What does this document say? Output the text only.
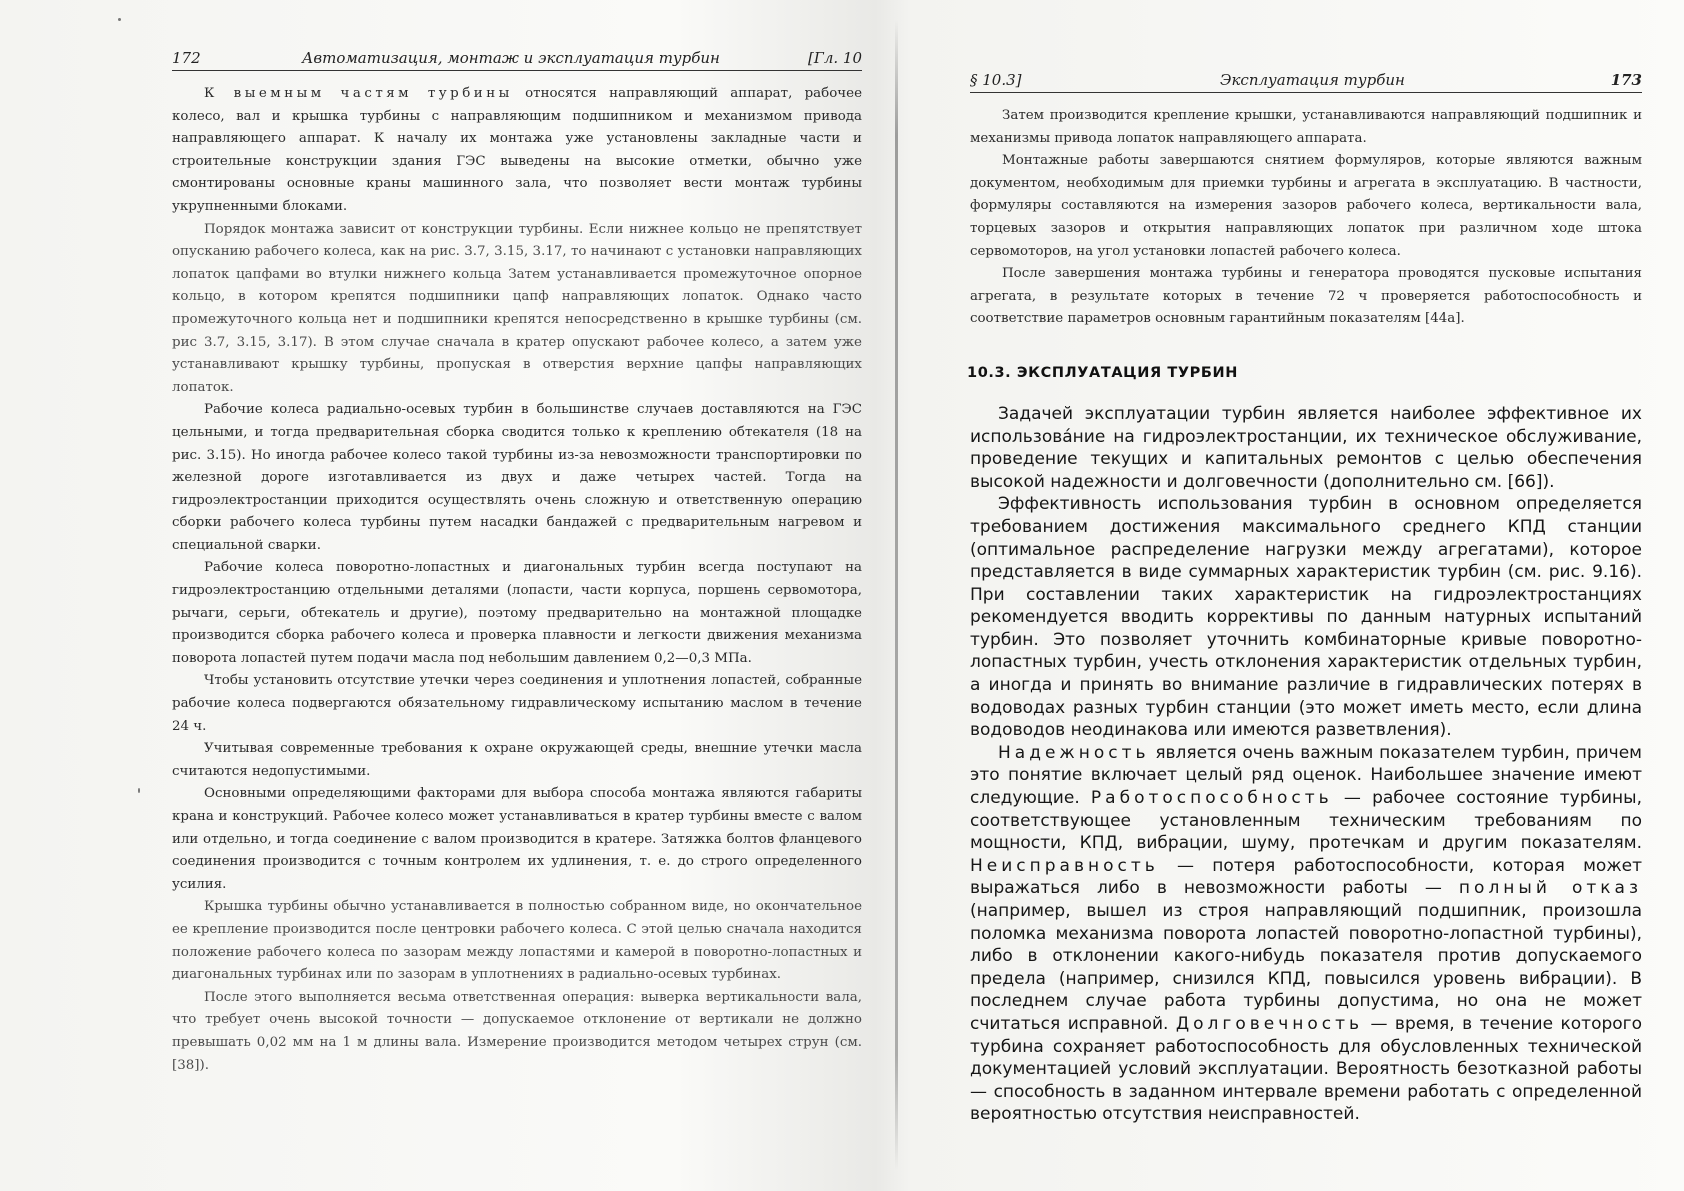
172	Автоматизация, монтаж и эксплуатация турбин	[Гл. 10

К выемным частям турбины относятся направляющий аппарат, рабочее колесо, вал и крышка турбины с направляющим подшипником и механизмом привода направляющего аппарат. К началу их монтажа уже установлены закладные части и строительные конструкции здания ГЭС выведены на высокие отметки, обычно уже смонтированы основные краны машинного зала, что позволяет вести монтаж турбины укрупненными блоками.

Порядок монтажа зависит от конструкции турбины. Если нижнее кольцо не препятствует опусканию рабочего колеса, как на рис. 3.7, 3.15, 3.17, то начинают с установки направляющих лопаток цапфами во втулки нижнего кольца Затем устанавливается промежуточное опорное кольцо, в котором крепятся подшипники цапф направляющих лопаток. Однако часто промежуточного кольца нет и подшипники крепятся непосредственно в крышке турбины (см. рис 3.7, 3.15, 3.17). В этом случае сначала в кратер опускают рабочее колесо, а затем уже устанавливают крышку турбины, пропуская в отверстия верхние цапфы направляющих лопаток.

Рабочие колеса радиально-осевых турбин в большинстве случаев доставляются на ГЭС цельными, и тогда предварительная сборка сводится только к креплению обтекателя (18 на рис. 3.15). Но иногда рабочее колесо такой турбины из-за невозможности транспортировки по железной дороге изготавливается из двух и даже четырех частей. Тогда на гидроэлектростанции приходится осуществлять очень сложную и ответственную операцию сборки рабочего колеса турбины путем насадки бандажей с предварительным нагревом и специальной сварки.

Рабочие колеса поворотно-лопастных и диагональных турбин всегда поступают на гидроэлектростанцию отдельными деталями (лопасти, части корпуса, поршень сервомотора, рычаги, серьги, обтекатель и другие), поэтому предварительно на монтажной площадке производится сборка рабочего колеса и проверка плавности и легкости движения механизма поворота лопастей путем подачи масла под небольшим давлением 0,2—0,3 МПа.

Чтобы установить отсутствие утечки через соединения и уплотнения лопастей, собранные рабочие колеса подвергаются обязательному гидравлическому испытанию маслом в течение 24 ч.

Учитывая современные требования к охране окружающей среды, внешние утечки масла считаются недопустимыми.

Основными определяющими факторами для выбора способа монтажа являются габариты крана и конструкций. Рабочее колесо может устанавливаться в кратер турбины вместе с валом или отдельно, и тогда соединение с валом производится в кратере. Затяжка болтов фланцевого соединения производится с точным контролем их удлинения, т. е. до строго определенного усилия.

Крышка турбины обычно устанавливается в полностью собранном виде, но окончательное ее крепление производится после центровки рабочего колеса. С этой целью сначала находится положение рабочего колеса по зазорам между лопастями и камерой в поворотно-лопастных и диагональных турбинах или по зазорам в уплотнениях в радиально-осевых турбинах.

После этого выполняется весьма ответственная операция: выверка вертикальности вала, что требует очень высокой точности — допускаемое отклонение от вертикали не должно превышать 0,02 мм на 1 м длины вала. Измерение производится методом четырех струн (см. [38]).

§ 10.3]	Эксплуатация турбин	173

Затем производится крепление крышки, устанавливаются направляющий подшипник и механизмы привода лопаток направляющего аппарата.

Монтажные работы завершаются снятием формуляров, которые являются важным документом, необходимым для приемки турбины и агрегата в эксплуатацию. В частности, формуляры составляются на измерения зазоров рабочего колеса, вертикальности вала, торцевых зазоров и открытия направляющих лопаток при различном ходе штока сервомоторов, на угол установки лопастей рабочего колеса.

После завершения монтажа турбины и генератора проводятся пусковые испытания агрегата, в результате которых в течение 72 ч проверяется работоспособность и соответствие параметров основным гарантийным показателям [44а].

10.3. ЭКСПЛУАТАЦИЯ ТУРБИН

Задачей эксплуатации турбин является наиболее эффективное их использовáние на гидроэлектростанции, их техническое обслуживание, проведение текущих и капитальных ремонтов с целью обеспечения высокой надежности и долговечности (дополнительно см. [66]).

Эффективность использования турбин в основном определяется требованием достижения максимального среднего КПД станции (оптимальное распределение нагрузки между агрегатами), которое представляется в виде суммарных характеристик турбин (см. рис. 9.16). При составлении таких характеристик на гидроэлектростанциях рекомендуется вводить коррективы по данным натурных испытаний турбин. Это позволяет уточнить комбинаторные кривые поворотно-лопастных турбин, учесть отклонения характеристик отдельных турбин, а иногда и принять во внимание различие в гидравлических потерях в водоводах разных турбин станции (это может иметь место, если длина водоводов неодинакова или имеются разветвления).

Надежность является очень важным показателем турбин, причем это понятие включает целый ряд оценок. Наибольшее значение имеют следующие. Работоспособность — рабочее состояние турбины, соответствующее установленным техническим требованиям по мощности, КПД, вибрации, шуму, протечкам и другим показателям. Неисправность — потеря работоспособности, которая может выражаться либо в невозможности работы — полный отказ (например, вышел из строя направляющий подшипник, произошла поломка механизма поворота лопастей поворотно-лопастной турбины), либо в отклонении какого-нибудь показателя против допускаемого предела (например, снизился КПД, повысился уровень вибрации). В последнем случае работа турбины допустима, но она не может считаться исправной. Долговечность — время, в течение которого турбина сохраняет работоспособность для обусловленных технической документацией условий эксплуатации. Вероятность безотказной работы — способность в заданном интервале времени работать с определенной вероятностью отсутствия неисправностей.
